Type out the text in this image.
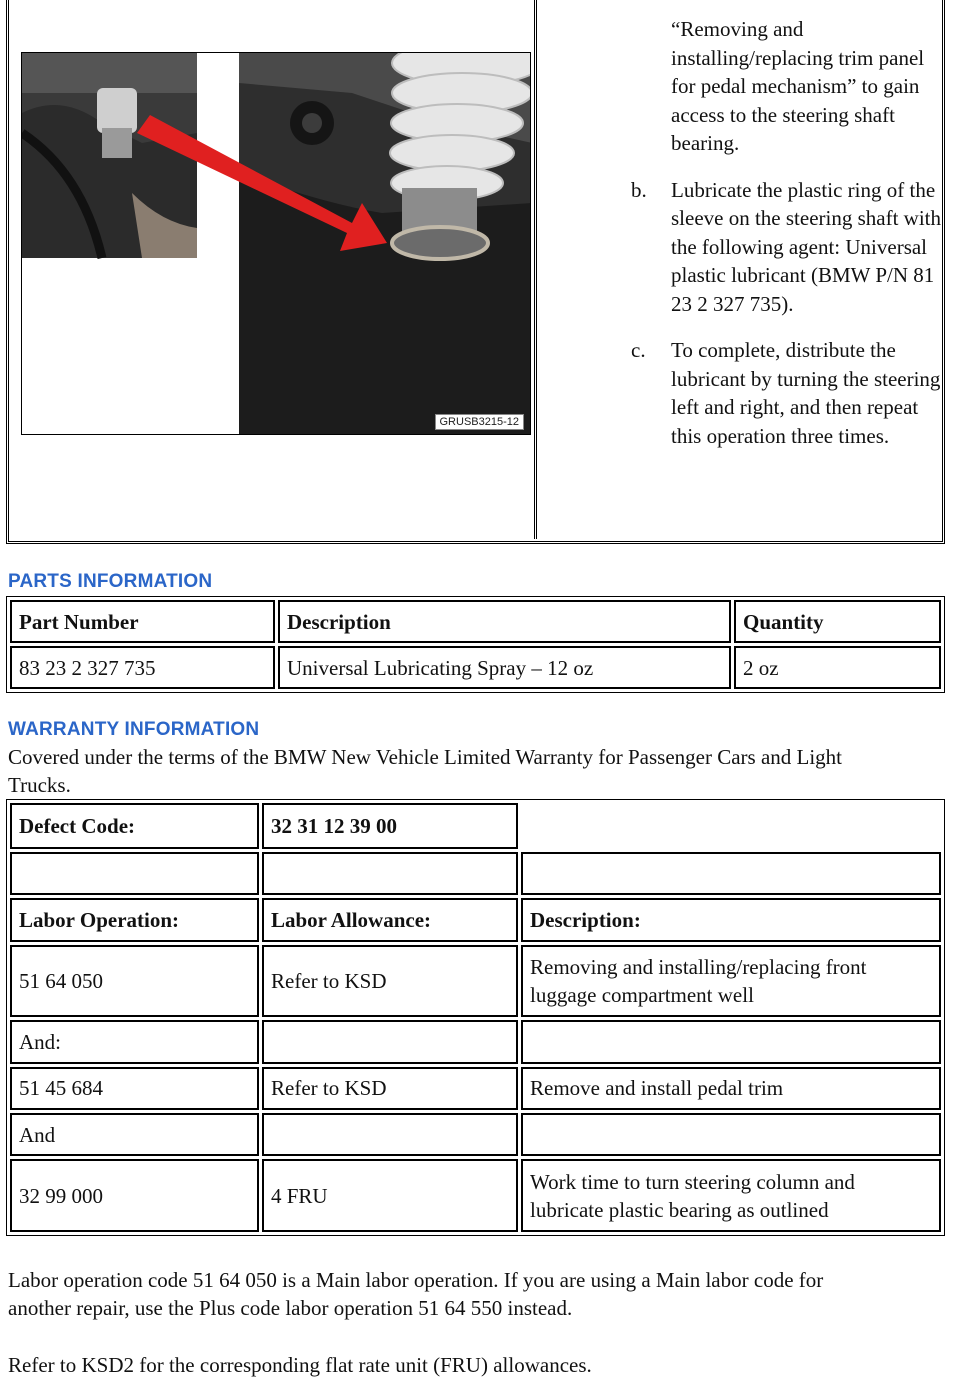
GRUSB3215-12
“Removing and installing/replacing trim panel for pedal mechanism” to gain access to the steering shaft bearing.
b.	Lubricate the plastic ring of the sleeve on the steering shaft with the following agent: Universal plastic lubricant (BMW P/N 81 23 2 327 735).
c.	To complete, distribute the lubricant by turning the steering left and right, and then repeat this operation three times.
PARTS INFORMATION
Part Number	Description	Quantity
83 23 2 327 735	Universal Lubricating Spray – 12 oz	2 oz
WARRANTY INFORMATION
Covered under the terms of the BMW New Vehicle Limited Warranty for Passenger Cars and Light
Trucks.
Defect Code:	32 31 12 39 00	

Labor Operation:	Labor Allowance:	Description:
51 64 050	Refer to KSD	Removing and installing/replacing front
luggage compartment well

And:		
51 45 684	Refer to KSD	Remove and install pedal trim
And		
32 99 000	4 FRU	Work time to turn steering column and
lubricate plastic bearing as outlined
Labor operation code 51 64 050 is a Main labor operation. If you are using a Main labor code for
another repair, use the Plus code labor operation 51 64 550 instead.
Refer to KSD2 for the corresponding flat rate unit (FRU) allowances.
